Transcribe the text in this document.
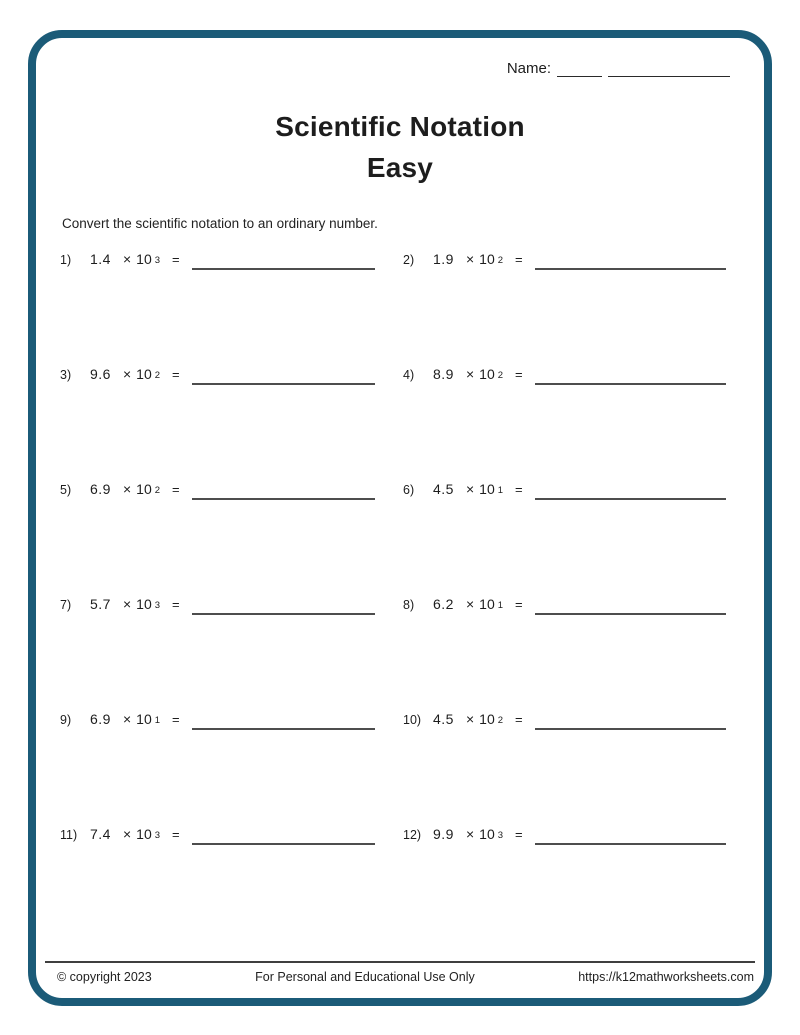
Name:
Scientific Notation
Easy
Convert the scientific notation to an ordinary number.
1)	1.4 × 10 $^3$ =	2)	1.9 × 10 $^2$ =
3)	9.6 × 10 $^2$ =	4)	8.9 × 10 $^2$ =
5)	6.9 × 10 $^2$ =	6)	4.5 × 10 $^1$ =
7)	5.7 × 10 $^3$ =	8)	6.2 × 10 $^1$ =
9)	6.9 × 10 $^1$ =	10) 4.5 × 10 $^2$ =
11) 7.4 × 10 $^3$ =	12) 9.9 × 10 $^3$ =
© copyright 2023	For Personal and Educational Use Only	https://k12mathworksheets.com
